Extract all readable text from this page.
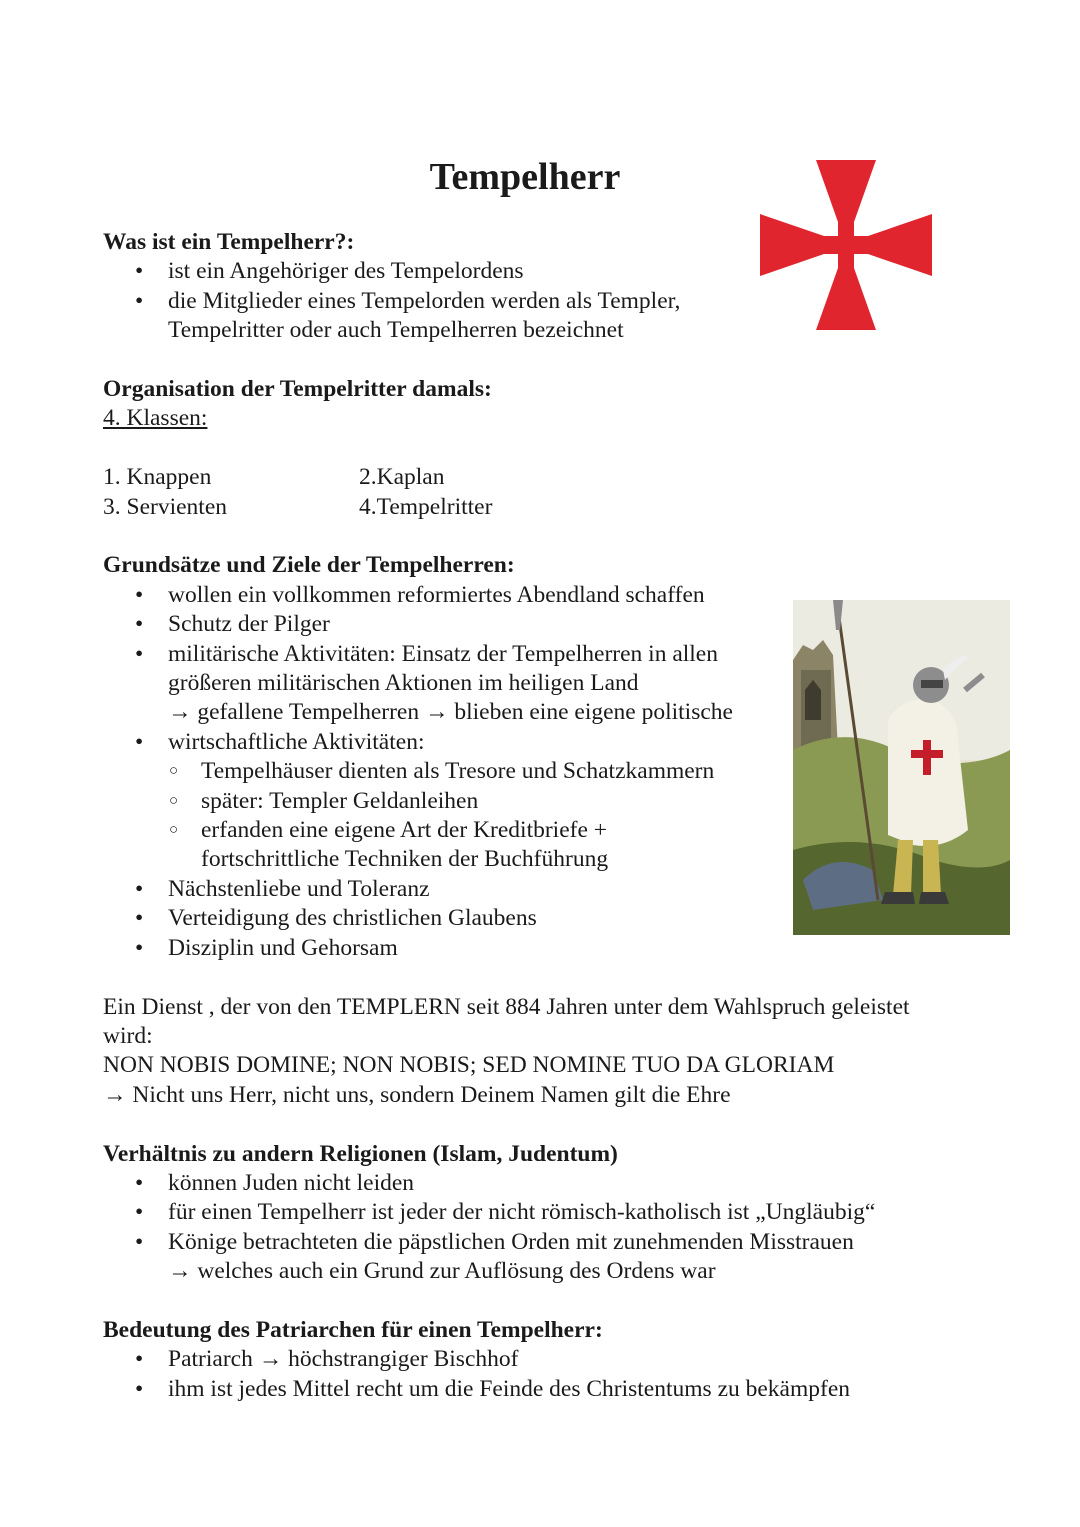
Tempelherr
Was ist ein Tempelherr?:
• ist ein Angehöriger des Tempelordens
• die Mitglieder eines Tempelorden werden als Templer,
Tempelritter oder auch Tempelherren bezeichnet
Organisation der Tempelritter damals:
4. Klassen:
1. Knappen	2.Kaplan
3. Servienten	4.Tempelritter
Grundsätze und Ziele der Tempelherren:
• wollen ein vollkommen reformiertes Abendland schaffen
• Schutz der Pilger
• militärische Aktivitäten: Einsatz der Tempelherren in allen
größeren militärischen Aktionen im heiligen Land
→ gefallene Tempelherren → blieben eine eigene politische
• wirtschaftliche Aktivitäten:
○ Tempelhäuser dienten als Tresore und Schatzkammern
○ später: Templer Geldanleihen
○ erfanden eine eigene Art der Kreditbriefe +
fortschrittliche Techniken der Buchführung
• Nächstenliebe und Toleranz
• Verteidigung des christlichen Glaubens
• Disziplin und Gehorsam
Ein Dienst , der von den TEMPLERN seit 884 Jahren unter dem Wahlspruch geleistet
wird:
NON NOBIS DOMINE; NON NOBIS; SED NOMINE TUO DA GLORIAM
→ Nicht uns Herr, nicht uns, sondern Deinem Namen gilt die Ehre
Verhältnis zu andern Religionen (Islam, Judentum)
• können Juden nicht leiden
• für einen Tempelherr ist jeder der nicht römisch-katholisch ist „Ungläubig“
• Könige betrachteten die päpstlichen Orden mit zunehmenden Misstrauen
→ welches auch ein Grund zur Auflösung des Ordens war
Bedeutung des Patriarchen für einen Tempelherr:
• Patriarch → höchstrangiger Bischhof
• ihm ist jedes Mittel recht um die Feinde des Christentums zu bekämpfen
